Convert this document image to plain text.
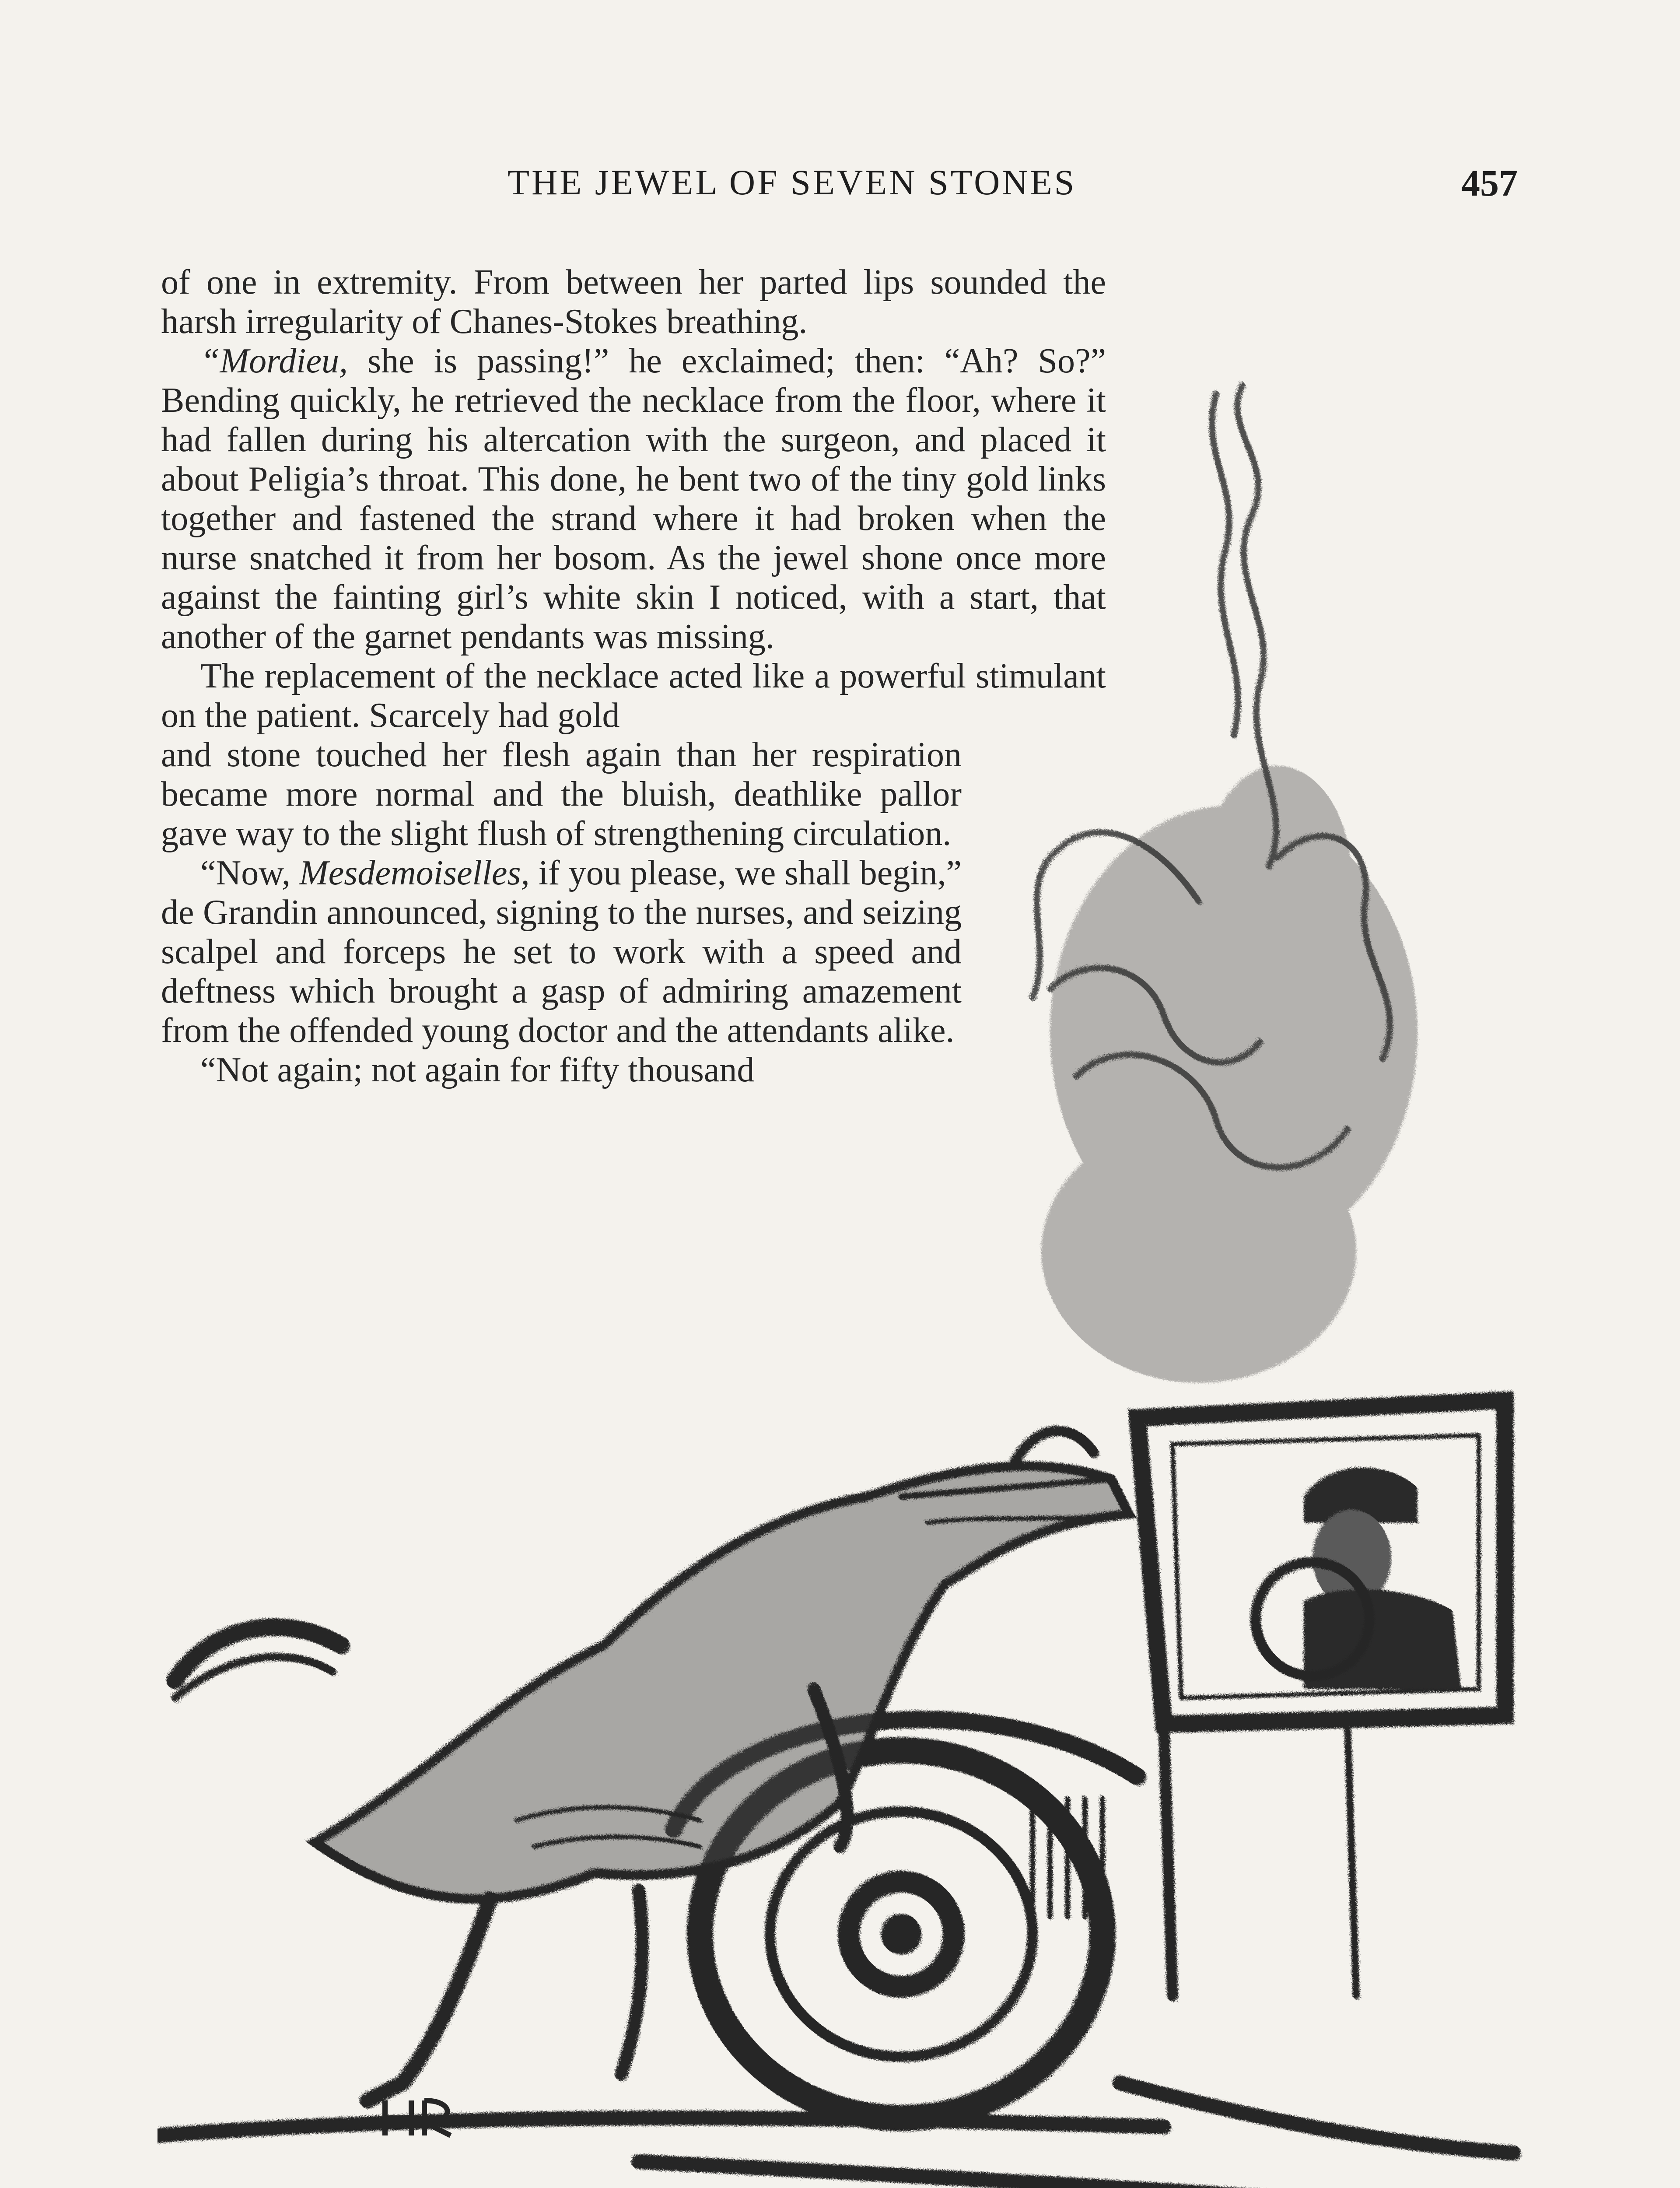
THE JEWEL OF SEVEN STONES	457

of one in extremity. From between her parted lips sounded the harsh irregularity of Chanes-Stokes breathing.

“Mordieu, she is passing!” he exclaimed; then: “Ah? So?” Bending quickly, he retrieved the necklace from the floor, where it had fallen during his altercation with the surgeon, and placed it about Peligia’s throat. This done, he bent two of the tiny gold links together and fastened the strand where it had broken when the nurse snatched it from her bosom. As the jewel shone once more against the fainting girl’s white skin I noticed, with a start, that another of the garnet pendants was missing.

The replacement of the necklace acted like a powerful stimulant on the patient. Scarcely had gold

and stone touched her flesh again than her respiration became more normal and the bluish, deathlike pallor gave way to the slight flush of strengthening circulation.

“Now, Mesdemoiselles, if you please, we shall begin,” de Grandin announced, signing to the nurses, and seizing scalpel and forceps he set to work with a speed and deftness which brought a gasp of admiring amazement from the offended young doctor and the attendants alike.

“Not again; not again for fifty thousand
